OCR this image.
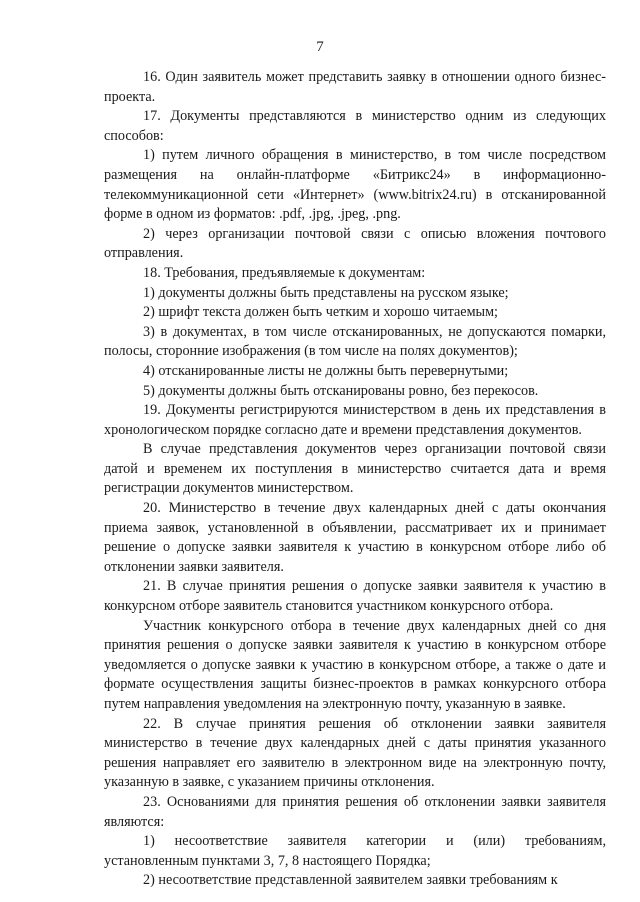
7

16. Один заявитель может представить заявку в отношении одного бизнес-проекта.

17. Документы представляются в министерство одним из следующих способов:

1) путем личного обращения в министерство, в том числе посредством размещения на онлайн-платформе «Битрикс24» в информационно-телекоммуникационной сети «Интернет» (www.bitrix24.ru) в отсканированной форме в одном из форматов: .pdf, .jpg, .jpeg, .png.

2) через организации почтовой связи с описью вложения почтового отправления.

18. Требования, предъявляемые к документам:

1) документы должны быть представлены на русском языке;

2) шрифт текста должен быть четким и хорошо читаемым;

3) в документах, в том числе отсканированных, не допускаются помарки, полосы, сторонние изображения (в том числе на полях документов);

4) отсканированные листы не должны быть перевернутыми;

5) документы должны быть отсканированы ровно, без перекосов.

19. Документы регистрируются министерством в день их представления в хронологическом порядке согласно дате и времени представления документов.

В случае представления документов через организации почтовой связи датой и временем их поступления в министерство считается дата и время регистрации документов министерством.

20. Министерство в течение двух календарных дней с даты окончания приема заявок, установленной в объявлении, рассматривает их и принимает решение о допуске заявки заявителя к участию в конкурсном отборе либо об отклонении заявки заявителя.

21. В случае принятия решения о допуске заявки заявителя к участию в конкурсном отборе заявитель становится участником конкурсного отбора.

Участник конкурсного отбора в течение двух календарных дней со дня принятия решения о допуске заявки заявителя к участию в конкурсном отборе уведомляется о допуске заявки к участию в конкурсном отборе, а также о дате и формате осуществления защиты бизнес-проектов в рамках конкурсного отбора путем направления уведомления на электронную почту, указанную в заявке.

22. В случае принятия решения об отклонении заявки заявителя министерство в течение двух календарных дней с даты принятия указанного решения направляет его заявителю в электронном виде на электронную почту, указанную в заявке, с указанием причины отклонения.

23. Основаниями для принятия решения об отклонении заявки заявителя являются:

1) несоответствие заявителя категории и (или) требованиям, установленным пунктами 3, 7, 8 настоящего Порядка;

2) несоответствие представленной заявителем заявки требованиям к
